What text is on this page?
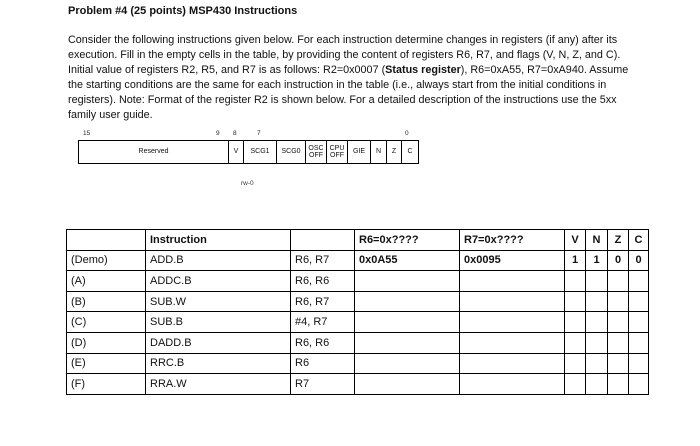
Problem #4 (25 points) MSP430 Instructions
Consider the following instructions given below. For each instruction determine changes in registers (if any) after its execution. Fill in the empty cells in the table, by providing the content of registers R6, R7, and flags (V, N, Z, and C). Initial value of registers R2, R5, and R7 is as follows: R2=0x0007 (Status register), R6=0xA55, R7=0xA940. Assume the starting conditions are the same for each instruction in the table (i.e., always start from the initial conditions in registers). Note: Format of the register R2 is shown below. For a detailed description of the instructions use the 5xx family user guide.
15	9 8	7	0
Reserved	V	SCG1	SCG0
OSC OFF
CPU OFF
GIE	N	Z	C
rw-0
	Instruction		R6=0x????	R7=0x????	V	N	Z	C
(Demo)	ADD.B	R6, R7	0x0A55	0x0095	1	1	0	0
(A)	ADDC.B	R6, R6						
(B)	SUB.W	R6, R7						
(C)	SUB.B	#4, R7						
(D)	DADD.B	R6, R6						
(E)	RRC.B	R6						
(F)	RRA.W	R7						
